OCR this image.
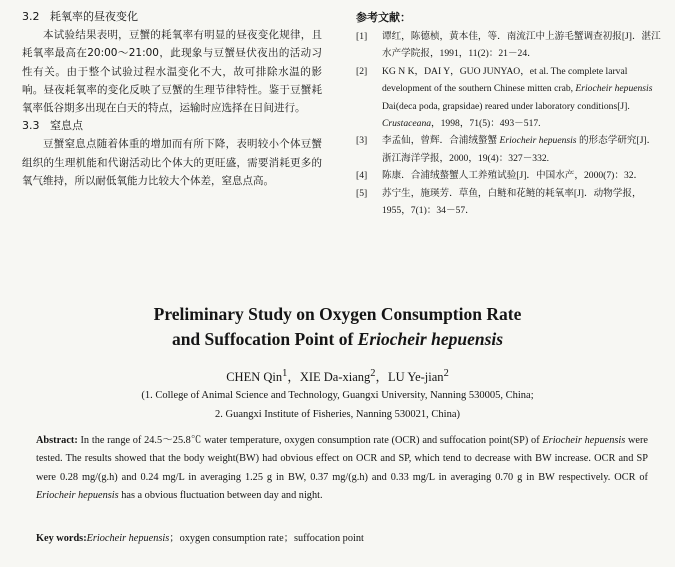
3.2 耗氧率的昼夜变化

本试验结果表明，豆蟹的耗氧率有明显的昼夜变化规律，且耗氧率最高在20:00～21:00，此现象与豆蟹昼伏夜出的活动习性有关。由于整个试验过程水温变化不大，故可排除水温的影响。昼夜耗氧率的变化反映了豆蟹的生理节律特性。鉴于豆蟹耗氧率低谷期多出现在白天的特点，运输时应选择在日间进行。

3.3 窒息点

豆蟹窒息点随着体重的增加而有所下降，表明较小个体豆蟹组织的生理机能和代谢活动比个体大的更旺盛，需要消耗更多的氧气维持，所以耐低氧能力比较大个体差，窒息点高。

参考文献：

[1]	谭红，陈德桢，黄本佳，等．南流江中上游毛蟹调查初报[J]．湛江水产学院报，1991，11(2)：21－24．
[2]	KG N K，DAI Y，GUO JUNYAO，et al. The complete larval development of the southern Chinese mitten crab, Eriocheir hepuensis Dai(deca poda, grapsidae) reared under laboratory conditions[J]. Crustaceana，1998，71(5)：493－517.
[3]	李孟仙，曾辉．合浦绒螯蟹 Eriocheir hepuensis 的形态学研究[J]．浙江海洋学报，2000，19(4)：327－332.
[4]	陈康．合浦绒螯蟹人工养殖试验[J]．中国水产，2000(7)：32．
[5]	苏宁生，施瑛芳．草鱼，白鲢和花鲢的耗氧率[J]．动物学报，1955，7(1)：34－57．
Preliminary Study on Oxygen Consumption Rate
and Suffocation Point of Eriocheir hepuensis
CHEN Qin$^1$，XIE Da-xiang$^2$，LU Ye-jian$^2$
(1. College of Animal Science and Technology, Guangxi University, Nanning 530005, China;
2. Guangxi Institute of Fisheries, Nanning 530021, China)
Abstract: In the range of 24.5～25.8℃ water temperature, oxygen consumption rate (OCR) and suffocation point(SP) of Eriocheir hepuensis were tested. The results showed that the body weight(BW) had obvious effect on OCR and SP, which tend to decrease with BW increase. OCR and SP were 0.28 mg/(g.h) and 0.24 mg/L in averaging 1.25 g in BW, 0.37 mg/(g.h) and 0.33 mg/L in averaging 0.70 g in BW respectively. OCR of Eriocheir hepuensis has a obvious fluctuation between day and night.
Key words:Eriocheir hepuensis；oxygen consumption rate；suffocation point
